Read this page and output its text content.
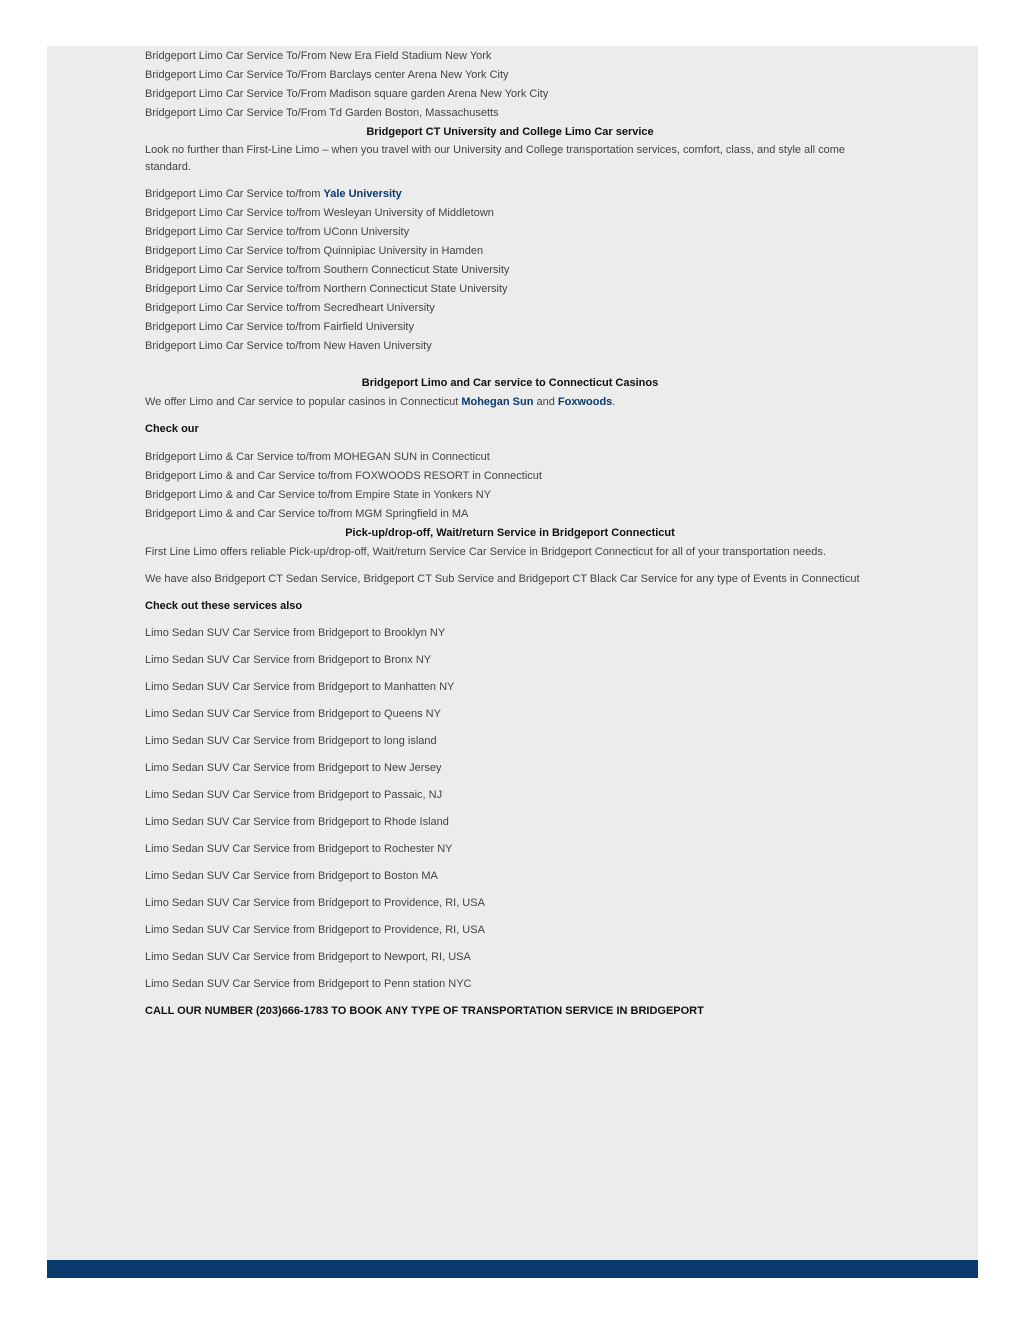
Bridgeport Limo Car Service To/From New Era Field Stadium New York
Bridgeport Limo Car Service To/From Barclays center Arena New York City
Bridgeport Limo Car Service To/From Madison square garden Arena New York City
Bridgeport Limo Car Service To/From Td Garden Boston, Massachusetts
Bridgeport CT University and College Limo Car service

Look no further than First-Line Limo – when you travel with our University and College transportation services, comfort, class, and style all come standard.

Bridgeport Limo Car Service to/from Yale University
Bridgeport Limo Car Service to/from Wesleyan University of Middletown
Bridgeport Limo Car Service to/from UConn University
Bridgeport Limo Car Service to/from Quinnipiac University in Hamden
Bridgeport Limo Car Service to/from Southern Connecticut State University
Bridgeport Limo Car Service to/from Northern Connecticut State University
Bridgeport Limo Car Service to/from Secredheart University
Bridgeport Limo Car Service to/from Fairfield University
Bridgeport Limo Car Service to/from New Haven University
Bridgeport Limo and Car service to Connecticut Casinos
We offer Limo and Car service to popular casinos in Connecticut Mohegan Sun and Foxwoods.
Check our
Bridgeport Limo & Car Service to/from MOHEGAN SUN in Connecticut
Bridgeport Limo & and Car Service to/from FOXWOODS RESORT in Connecticut
Bridgeport Limo & and Car Service to/from Empire State in Yonkers NY
Bridgeport Limo & and Car Service to/from MGM Springfield in MA
Pick-up/drop-off, Wait/return Service in Bridgeport Connecticut
First Line Limo offers reliable Pick-up/drop-off, Wait/return Service Car Service in Bridgeport Connecticut for all of your transportation needs.
We have also Bridgeport CT Sedan Service, Bridgeport CT Sub Service and Bridgeport CT Black Car Service for any type of Events in Connecticut
Check out these services also
Limo Sedan SUV Car Service from Bridgeport to Brooklyn NY
Limo Sedan SUV Car Service from Bridgeport to Bronx NY
Limo Sedan SUV Car Service from Bridgeport to Manhatten NY
Limo Sedan SUV Car Service from Bridgeport to Queens NY
Limo Sedan SUV Car Service from Bridgeport to long island
Limo Sedan SUV Car Service from Bridgeport to New Jersey
Limo Sedan SUV Car Service from Bridgeport to Passaic, NJ
Limo Sedan SUV Car Service from Bridgeport to Rhode Island
Limo Sedan SUV Car Service from Bridgeport to Rochester NY
Limo Sedan SUV Car Service from Bridgeport to Boston MA
Limo Sedan SUV Car Service from Bridgeport to Providence, RI, USA
Limo Sedan SUV Car Service from Bridgeport to Providence, RI, USA
Limo Sedan SUV Car Service from Bridgeport to Newport, RI, USA
Limo Sedan SUV Car Service from Bridgeport to Penn station NYC
CALL OUR NUMBER (203)666-1783 TO BOOK ANY TYPE OF TRANSPORTATION SERVICE IN BRIDGEPORT
